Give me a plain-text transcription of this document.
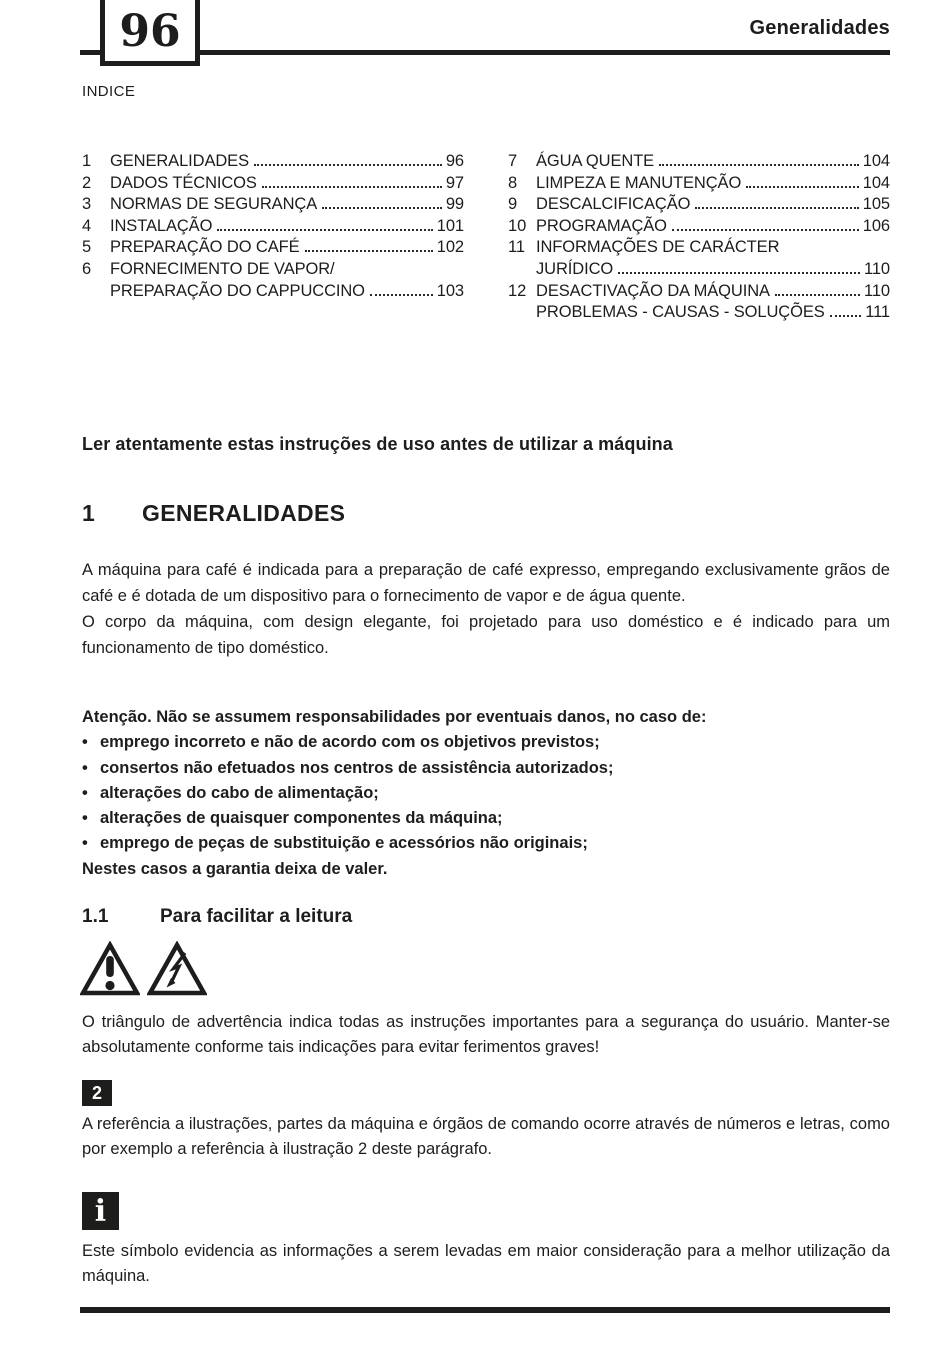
96	Generalidades
INDICE
1	GENERALIDADES	96
2	DADOS TÉCNICOS	97
3	NORMAS DE SEGURANÇA	99
4	INSTALAÇÃO	101
5	PREPARAÇÃO DO CAFÉ	102
6	FORNECIMENTO DE VAPOR/
PREPARAÇÃO DO CAPPUCCINO	103
7	ÁGUA QUENTE	104
8	LIMPEZA E MANUTENÇÃO	104
9	DESCALCIFICAÇÃO	105
10 PROGRAMAÇÃO	106
11 INFORMAÇÕES DE CARÁCTER
JURÍDICO	110
12 DESACTIVAÇÃO DA MÁQUINA	110
PROBLEMAS - CAUSAS - SOLUÇÕES 111
Ler atentamente estas instruções de uso antes de utilizar a máquina
1 GENERALIDADES

A máquina para café é indicada para a preparação de café expresso, empregando exclusivamente grãos de café e é dotada de um dispositivo para o fornecimento de vapor e de água quente.

O corpo da máquina, com design elegante, foi projetado para uso doméstico e é indicado para um funcionamento de tipo doméstico.

Atenção. Não se assumem responsabilidades por eventuais danos, no caso de:
• emprego incorreto e não de acordo com os objetivos previstos;
• consertos não efetuados nos centros de assistência autorizados;
• alterações do cabo de alimentação;
• alterações de quaisquer componentes da máquina;
• emprego de peças de substituição e acessórios não originais;
Nestes casos a garantia deixa de valer.
1.1	Para facilitar a leitura
O triângulo de advertência indica todas as instruções importantes para a segurança do usuário. Manter-se absolutamente conforme tais indicações para evitar ferimentos graves!
2
A referência a ilustrações, partes da máquina e órgãos de comando ocorre através de números e letras, como por exemplo a referência à ilustração 2 deste parágrafo.
i
Este símbolo evidencia as informações a serem levadas em maior consideração para a melhor utilização da máquina.
